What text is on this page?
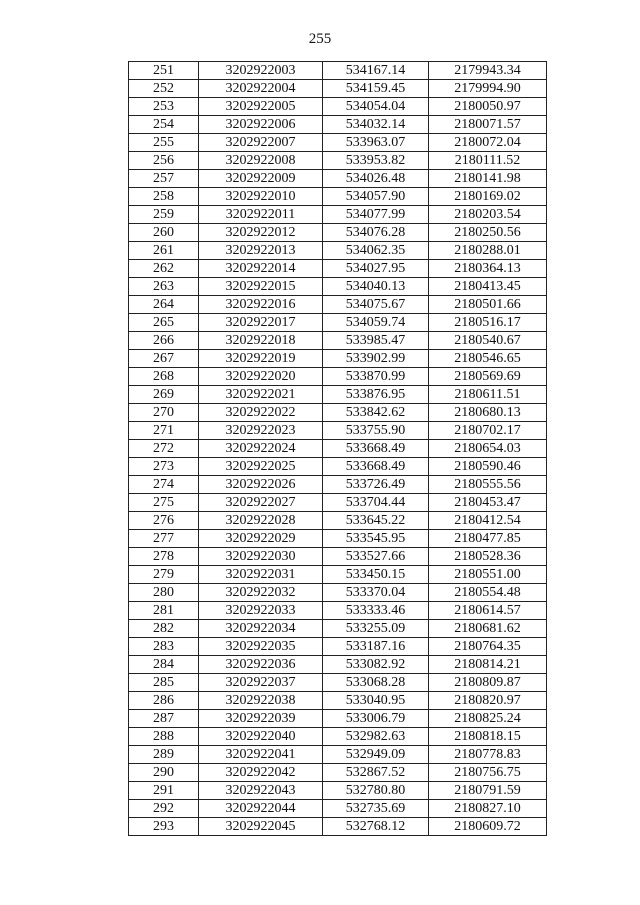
255
251	3202922003	534167.14	2179943.34
252	3202922004	534159.45	2179994.90
253	3202922005	534054.04	2180050.97
254	3202922006	534032.14	2180071.57
255	3202922007	533963.07	2180072.04
256	3202922008	533953.82	2180111.52
257	3202922009	534026.48	2180141.98
258	3202922010	534057.90	2180169.02
259	3202922011	534077.99	2180203.54
260	3202922012	534076.28	2180250.56
261	3202922013	534062.35	2180288.01
262	3202922014	534027.95	2180364.13
263	3202922015	534040.13	2180413.45
264	3202922016	534075.67	2180501.66
265	3202922017	534059.74	2180516.17
266	3202922018	533985.47	2180540.67
267	3202922019	533902.99	2180546.65
268	3202922020	533870.99	2180569.69
269	3202922021	533876.95	2180611.51
270	3202922022	533842.62	2180680.13
271	3202922023	533755.90	2180702.17
272	3202922024	533668.49	2180654.03
273	3202922025	533668.49	2180590.46
274	3202922026	533726.49	2180555.56
275	3202922027	533704.44	2180453.47
276	3202922028	533645.22	2180412.54
277	3202922029	533545.95	2180477.85
278	3202922030	533527.66	2180528.36
279	3202922031	533450.15	2180551.00
280	3202922032	533370.04	2180554.48
281	3202922033	533333.46	2180614.57
282	3202922034	533255.09	2180681.62
283	3202922035	533187.16	2180764.35
284	3202922036	533082.92	2180814.21
285	3202922037	533068.28	2180809.87
286	3202922038	533040.95	2180820.97
287	3202922039	533006.79	2180825.24
288	3202922040	532982.63	2180818.15
289	3202922041	532949.09	2180778.83
290	3202922042	532867.52	2180756.75
291	3202922043	532780.80	2180791.59
292	3202922044	532735.69	2180827.10
293	3202922045	532768.12	2180609.72
